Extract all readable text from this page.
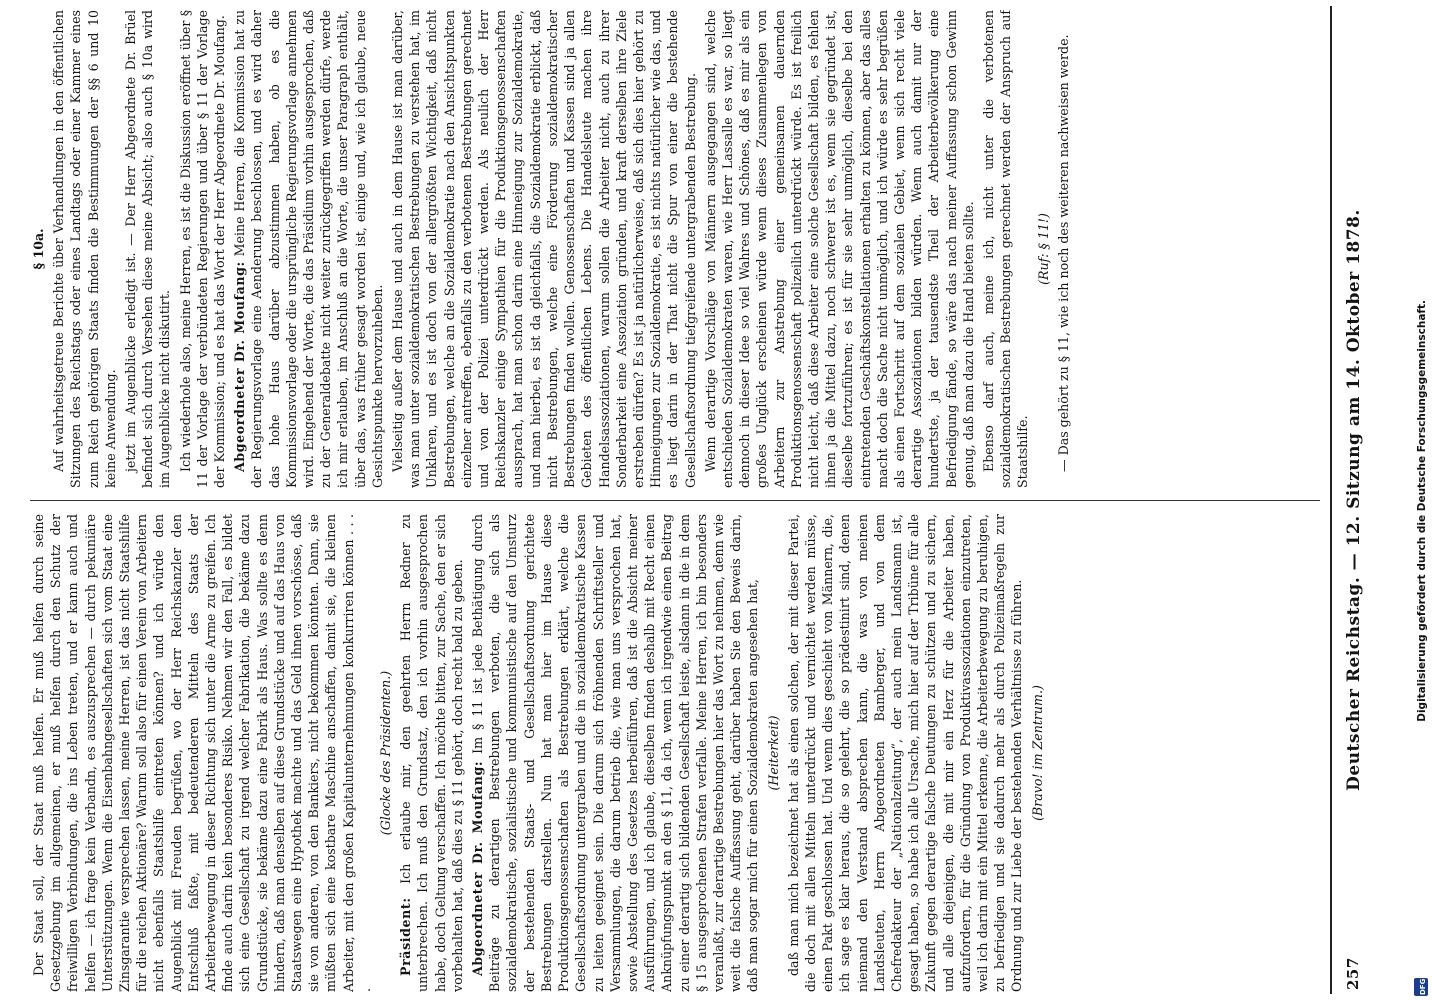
Deutscher Reichstag. — 12. Sitzung am 14. Oktober 1878.
257

§ 10a. Auf wahrheitsgetreue Berichte über Verhandlungen in den öffentlichen Sitzungen des Reichstags oder eines Landtags oder einer Kammer eines zum Reich gehörigen Staats finden die Bestimmungen der §§ 6 und 10 keine Anwendung. jetzt im Augenblicke erledigt ist. — Der Herr Abgeordnete Dr. Brüel befindet sich durch Versehen diese meine Absicht; also auch § 10a wird im Augenblicke nicht diskutirt. Ich wiederhole also, meine Herren, es ist die Diskussion eröffnet über § 11 der Vorlage der verbündeten Regierungen und über § 11 der Vorlage der Kommission; und es hat das Wort der Herr Abgeordnete Dr. Moufang. Abgeordneter Dr. Moufang: Meine Herren, die Kommission hat zu der Regierungsvorlage eine Aenderung beschlossen, und es wird daher das hohe Haus darüber abzustimmen haben, ob es die Kommissionsvorlage oder die ursprüngliche Regierungsvorlage annehmen wird. Eingehend der Worte, die das Präsidium vorhin ausgesprochen, daß zu der Generaldebatte nicht weiter zurückgegriffen werden dürfe, werde ich mir erlauben, im Anschluß an die Worte, die unser Paragraph enthält, über das, was früher gesagt worden ist, einige und, wie ich glaube, neue Gesichtspunkte hervorzuheben. Vielseitig außer dem Hause und auch in dem Hause ist man darüber, was man unter sozialdemokratischen Bestrebungen zu verstehen hat, im Unklaren, und es ist doch von der allergrößten Wichtigkeit, daß nicht Bestrebungen, welche an die Sozialdemokratie nach den Ansichtspunkten einzelner antreffen, ebenfalls zu den verbotenen Bestrebungen gerechnet und von der Polizei unterdrückt werden. Als neulich der Herr Reichskanzler einige Sympathien für die Produktionsgenossenschaften aussprach, hat man schon darin eine Hinneigung zur Sozialdemokratie, und man hierbei, es ist da gleichfalls, die Sozialdemokratie erblickt, daß nicht Bestrebungen, welche eine Förderung sozialdemokratischer Bestrebungen finden wollen. Genossenschaften und Kassen sind ja allen Gebieten des öffentlichen Lebens. Die Handelsleute machen ihre Handelsassoziationen, warum sollen die Arbeiter nicht, auch zu ihrer Sonderbarkeit eine Assoziation gründen, und kraft derselben ihre Ziele erstreben dürfen? Es ist ja natürlicherweise, daß sich dies hier gehört zu Hinneigungen zur Sozialdemokratie, es ist nichts natürlicher wie das, und es liegt darin in der That nicht die Spur von einer die bestehende Gesellschaftsordnung tiefgreifende untergrabenden Bestrebung. Wenn derartige Vorschläge von Männern ausgegangen sind, welche entschieden Sozialdemokraten waren, wie Herr Lassalle es war, so liegt dennoch in dieser Idee so viel Wahres und Schönes, daß es mir als ein großes Unglück erscheinen würde wenn dieses Zusammenlegen von Arbeitern zur Anstrebung einer gemeinsamen dauernden Produktionsgenossenschaft polizeilich unterdrückt würde. Es ist freilich nicht leicht, daß diese Arbeiter eine solche Gesellschaft bilden, es fehlen ihnen ja die Mittel dazu, noch schwerer ist es, wenn sie gegründet ist, dieselbe fortzuführen; es ist für sie sehr unmöglich, dieselbe bei den eintretenden Geschäftskonstellationen erhalten zu können, aber das alles macht doch die Sache nicht unmöglich, und ich würde es sehr begrüßen als einen Fortschritt auf dem sozialen Gebiet, wenn sich recht viele derartige Assoziationen bilden würden. Wenn auch damit nur der hundertste, ja der tausendste Theil der Arbeiterbevölkerung eine Befriedigung fände, so wäre das nach meiner Auffassung schon Gewinn genug, daß man dazu die Hand bieten sollte. Ebenso darf auch, meine ich, nicht unter die verbotenen sozialdemokratischen Bestrebungen gerechnet werden der Anspruch auf Staatshilfe.

(Ruf: § 11!) — Das gehört zu § 11, wie ich noch des weiteren nachweisen werde.

Der Staat soll, der Staat muß helfen. Er muß helfen durch seine Gesetzgebung im allgemeinen, er muß helfen durch den Schutz der freiwilligen Verbindungen, die ins Leben treten, und er kann auch und helfen — ich frage kein Verbandn, es auszusprechen — durch pekuniäre Unterstützungen. Wenn die Eisenbahngesellschaften sich vom Staat eine Zinsgarantie versprechen lassen, meine Herren, ist das nicht Staatshilfe für die reichen Aktionäre? Warum soll also für einen Verein von Arbeitern nicht ebenfalls Staatshilfe eintreten können? und ich würde den Augenblick mit Freuden begrüßen, wo der Herr Reichskanzler den Entschluß faßte, mit bedeutenderen Mitteln des Staats der Arbeiterbewegung in dieser Richtung sich unter die Arme zu greifen. Ich finde auch darin kein besonderes Risiko. Nehmen wir den Fall, es bildet sich eine Gesellschaft zu irgend welcher Fabrikation, die bekäme dazu Grundstücke, sie bekäme dazu eine Fabrik als Haus. Was sollte es denn hindern, daß man denselben auf diese Grundstücke und auf das Haus von Staatswegen eine Hypothek machte und das Geld ihnen vorschösse, daß sie von anderen, von den Bankiers, nicht bekommen könnten. Dann, sie müßten sich eine kostbare Maschine anschaffen, damit sie, die kleinen Arbeiter, mit den großen Kapitalunternehmungen konkurriren können . . . .

(Glocke des Präsidenten.)

Präsident: Ich erlaube mir, den geehrten Herrn Redner zu unterbrechen. Ich muß den Grundsatz, den ich vorhin ausgesprochen habe, doch Geltung verschaffen. Ich möchte bitten, zur Sache, den er sich vorbehalten hat, daß dies zu § 11 gehört, doch recht bald zu geben. Abgeordneter Dr. Moufang: Im § 11 ist jede Bethätigung durch Beiträge zu derartigen Bestrebungen verboten, die sich als sozialdemokratische, sozialistische und kommunistische auf den Umsturz der bestehenden Staats- und Gesellschaftsordnung gerichtete Bestrebungen darstellen. Nun hat man hier im Hause diese Produktionsgenossenschaften als Bestrebungen erklärt, welche die Gesellschaftsordnung untergraben und die in sozialdemokratische Kassen zu leiten geeignet sein. Die darum sich fröhnenden Schriftsteller und Versammlungen, die darum betrieb die, wie man uns versprochen hat, sowie Abstellung des Gesetzes herbeiführen, daß ist die Absicht meiner Ausführungen, und ich glaube, dieselben finden deshalb mit Recht einen Anknüpfungspunkt an den § 11, da ich, wenn ich irgendwie einen Beitrag zu einer derartig sich bildenden Gesellschaft leiste, alsdann in die in dem § 15 ausgesprochenen Strafen verfalle. Meine Herren, ich bin besonders veranlaßt, zur derartige Bestrebungen hier das Wort zu nehmen, denn wie weit die falsche Auffassung geht, darüber haben Sie den Beweis darin, daß man sogar mich für einen Sozialdemokraten angesehen hat, (Heiterkeit) daß man mich bezeichnet hat als einen solchen, der mit dieser Partei, die doch mit allen Mitteln unterdrückt und vernichtet werden müsse, einen Pakt geschlossen hat. Und wenn dies geschieht von Männern, die, ich sage es klar heraus, die so gelehrt, die so prädestinirt sind, denen niemand den Verstand absprechen kann, die was von meinen Landsleuten, Herrn Abgeordneten Bamberger, und von dem Chefredakteur der „Nationalzeitung“, der auch mein Landsmann ist, gesagt haben, so habe ich alle Ursache, mich hier auf der Tribüne für alle Zukunft gegen derartige falsche Deutungen zu schützen und zu sichern, und alle diejenigen, die mit mir ein Herz für die Arbeiter haben, aufzufordern, für die Gründung von Produktivassoziationen einzutreten, weil ich darin mit ein Mittel erkenne, die Arbeiterbewegung zu beruhigen, zu befriedigen und sie dadurch mehr als durch Polizeimaßregeln zur Ordnung und zur Liebe der bestehenden Verhältnisse zu führen. (Bravo! im Zentrum.)

Digitalisierung gefördert durch die Deutsche Forschungsgemeinschaft.
DFG
